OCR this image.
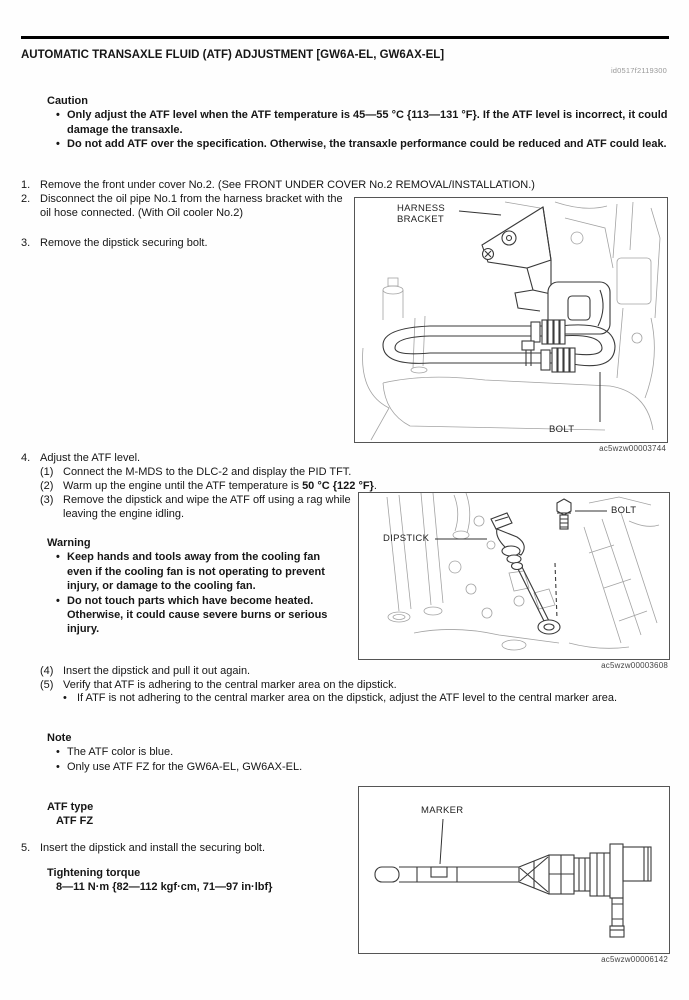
AUTOMATIC TRANSAXLE FLUID (ATF) ADJUSTMENT [GW6A-EL, GW6AX-EL]
id0517f2119300
Caution
• Only adjust the ATF level when the ATF temperature is 45—55 °C {113—131 °F}. If the ATF level is incorrect, it could damage the transaxle.
• Do not add ATF over the specification. Otherwise, the transaxle performance could be reduced and ATF could leak.
1. Remove the front under cover No.2. (See FRONT UNDER COVER No.2 REMOVAL/INSTALLATION.)
2. Disconnect the oil pipe No.1 from the harness bracket with the oil hose connected. (With Oil cooler No.2)
3. Remove the dipstick securing bolt.
HARNESS BRACKET
BOLT
ac5wzw00003744
4. Adjust the ATF level.
(1) Connect the M-MDS to the DLC-2 and display the PID TFT.
(2) Warm up the engine until the ATF temperature is 50 °C {122 °F}.
(3) Remove the dipstick and wipe the ATF off using a rag while leaving the engine idling.
Warning
• Keep hands and tools away from the cooling fan even if the cooling fan is not operating to prevent injury, or damage to the cooling fan.
• Do not touch parts which have become heated. Otherwise, it could cause severe burns or serious injury.
BOLT
DIPSTICK
ac5wzw00003608
(4) Insert the dipstick and pull it out again.
(5) Verify that ATF is adhering to the central marker area on the dipstick.
• If ATF is not adhering to the central marker area on the dipstick, adjust the ATF level to the central marker area.
Note
• The ATF color is blue.
• Only use ATF FZ for the GW6A-EL, GW6AX-EL.
ATF type
ATF FZ
5. Insert the dipstick and install the securing bolt.
Tightening torque
8—11 N·m {82—112 kgf·cm, 71—97 in·lbf}
MARKER
ac5wzw00006142
